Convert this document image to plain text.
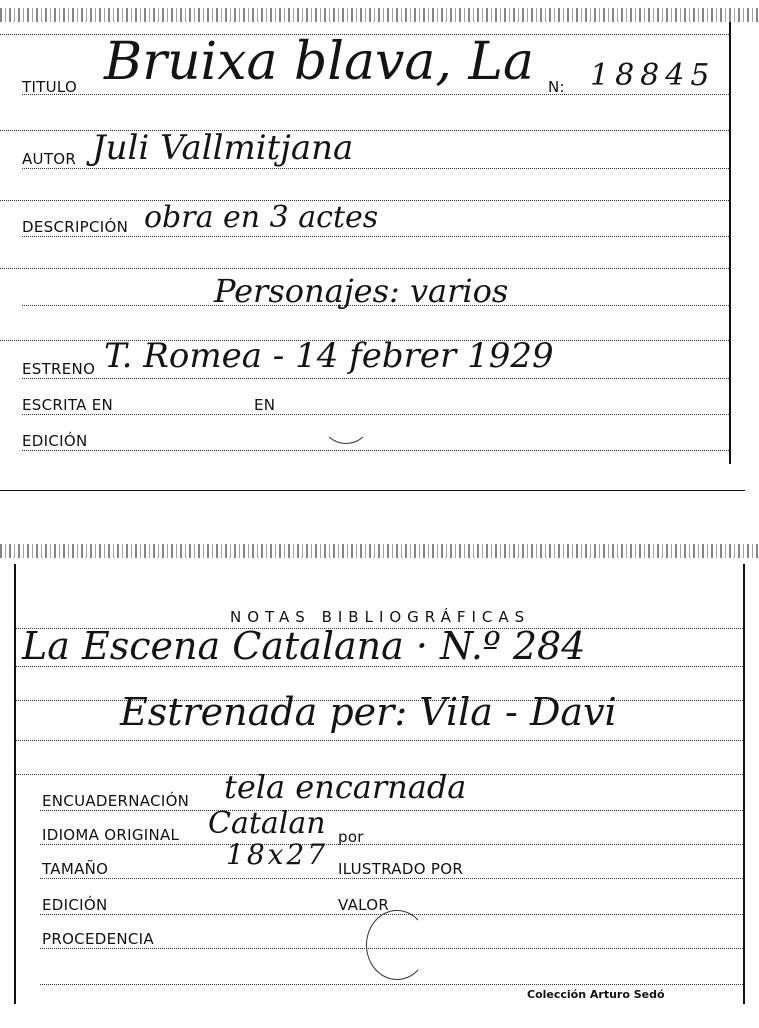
TITULO Bruixa blava, La N: 18845
AUTOR Juli Vallmitjana
DESCRIPCIÓN obra en 3 actes
Personajes: varios
ESTRENO T. Romea - 14 febrer 1929
ESCRITA EN	EN
EDICIÓN
NOTAS BIBLIOGRÁFICAS
La Escena Catalana · N.º 284
Estrenada per: Vila - Davi
ENCUADERNACIÓN tela encarnada
IDIOMA ORIGINAL Catalan por
TAMAÑO	18x27 ILUSTRADO POR
EDICIÓN	VALOR
PROCEDENCIA
Colección Arturo Sedó
